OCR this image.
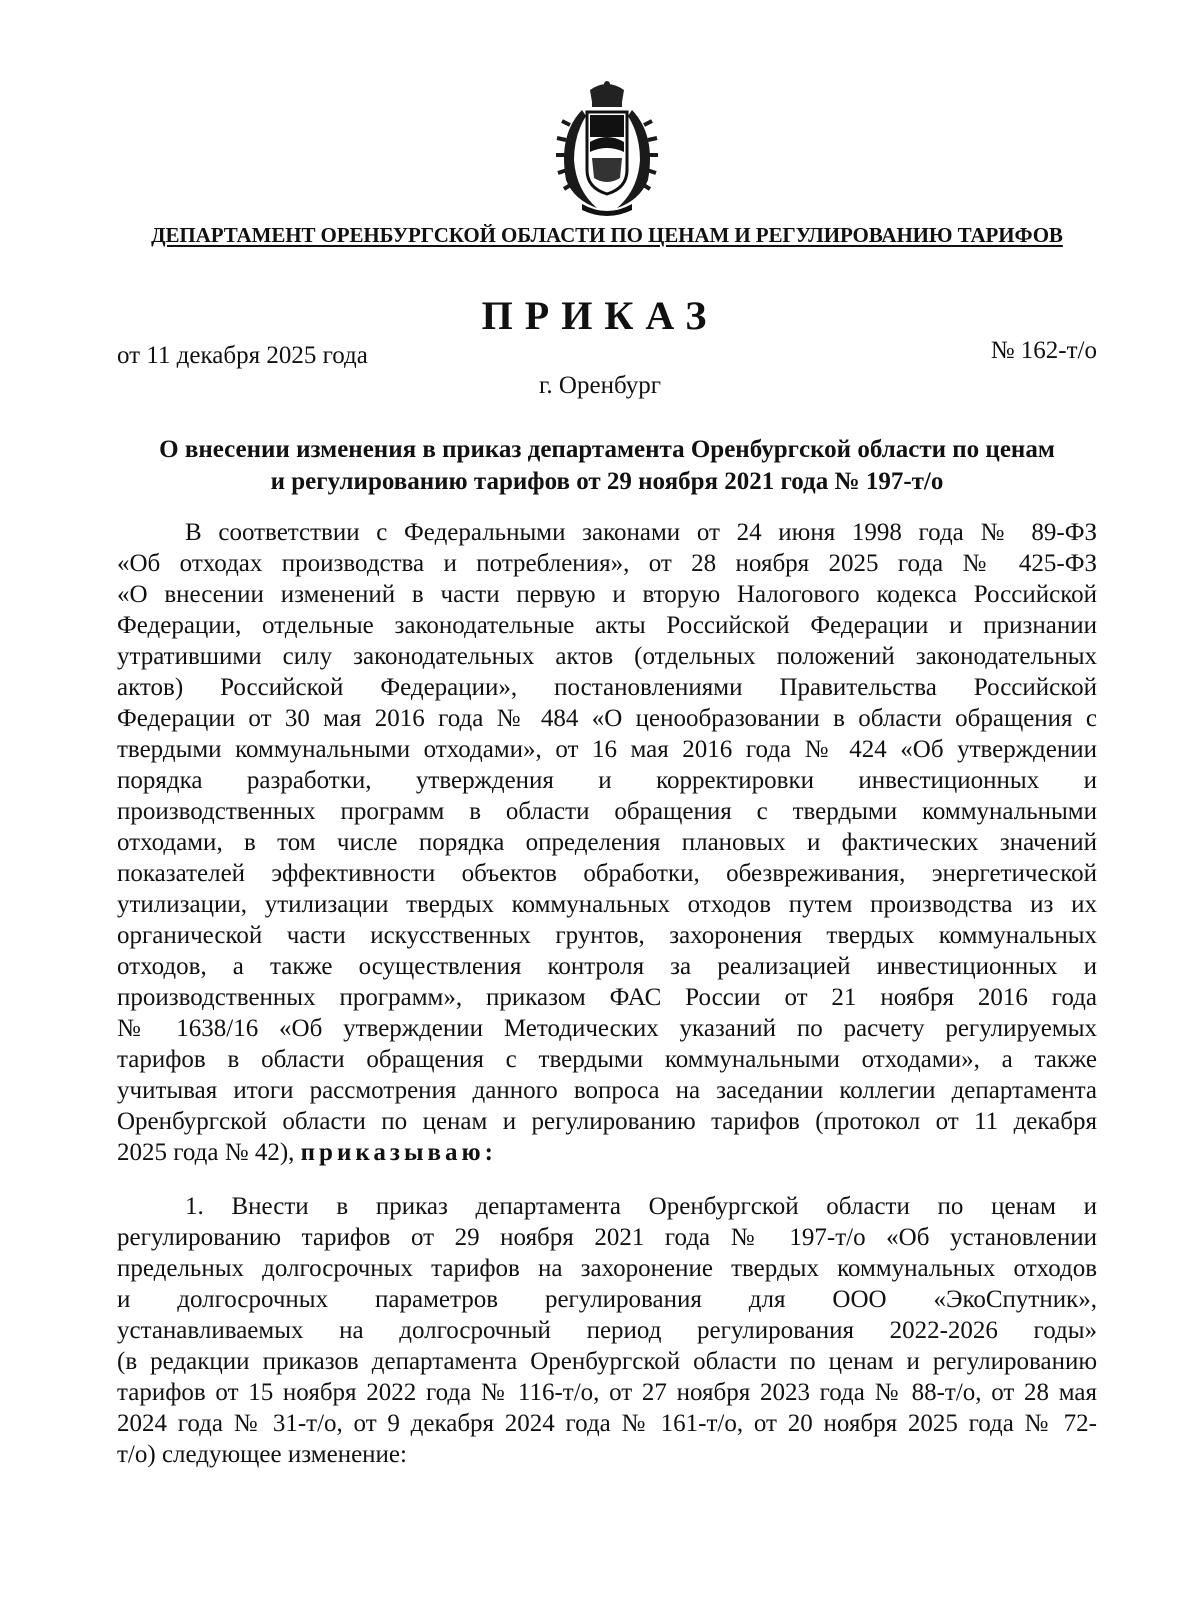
ДЕПАРТАМЕНТ ОРЕНБУРГСКОЙ ОБЛАСТИ ПО ЦЕНАМ И РЕГУЛИРОВАНИЮ ТАРИФОВ
ПРИКАЗ
от 11 декабря 2025 года	№ 162-т/о
г. Оренбург
О внесении изменения в приказ департамента Оренбургской области по ценам
и регулированию тарифов от 29 ноября 2021 года № 197-т/о
В соответствии с Федеральными законами от 24 июня 1998 года № 89-ФЗ
«Об отходах производства и потребления», от 28 ноября 2025 года № 425-ФЗ
«О внесении изменений в части первую и вторую Налогового кодекса Российской
Федерации, отдельные законодательные акты Российской Федерации и признании
утратившими силу законодательных актов (отдельных положений законодательных
актов) Российской Федерации», постановлениями Правительства Российской
Федерации от 30 мая 2016 года № 484 «О ценообразовании в области обращения с
твердыми коммунальными отходами», от 16 мая 2016 года № 424 «Об утверждении
порядка разработки, утверждения и корректировки инвестиционных и
производственных программ в области обращения с твердыми коммунальными
отходами, в том числе порядка определения плановых и фактических значений
показателей эффективности объектов обработки, обезвреживания, энергетической
утилизации, утилизации твердых коммунальных отходов путем производства из их
органической части искусственных грунтов, захоронения твердых коммунальных
отходов, а также осуществления контроля за реализацией инвестиционных и
производственных программ», приказом ФАС России от 21 ноября 2016 года
№ 1638/16 «Об утверждении Методических указаний по расчету регулируемых
тарифов в области обращения с твердыми коммунальными отходами», а также
учитывая итоги рассмотрения данного вопроса на заседании коллегии департамента
Оренбургской области по ценам и регулированию тарифов (протокол от 11 декабря
2025 года № 42), приказываю:
1. Внести в приказ департамента Оренбургской области по ценам и
регулированию тарифов от 29 ноября 2021 года № 197-т/о «Об установлении
предельных долгосрочных тарифов на захоронение твердых коммунальных отходов
и долгосрочных параметров регулирования для ООО «ЭкоСпутник»,
устанавливаемых на долгосрочный период регулирования 2022-2026 годы»
(в редакции приказов департамента Оренбургской области по ценам и регулированию
тарифов от 15 ноября 2022 года № 116-т/о, от 27 ноября 2023 года № 88-т/о, от 28 мая
2024 года № 31-т/о, от 9 декабря 2024 года № 161-т/о, от 20 ноября 2025 года № 72-
т/о) следующее изменение:
